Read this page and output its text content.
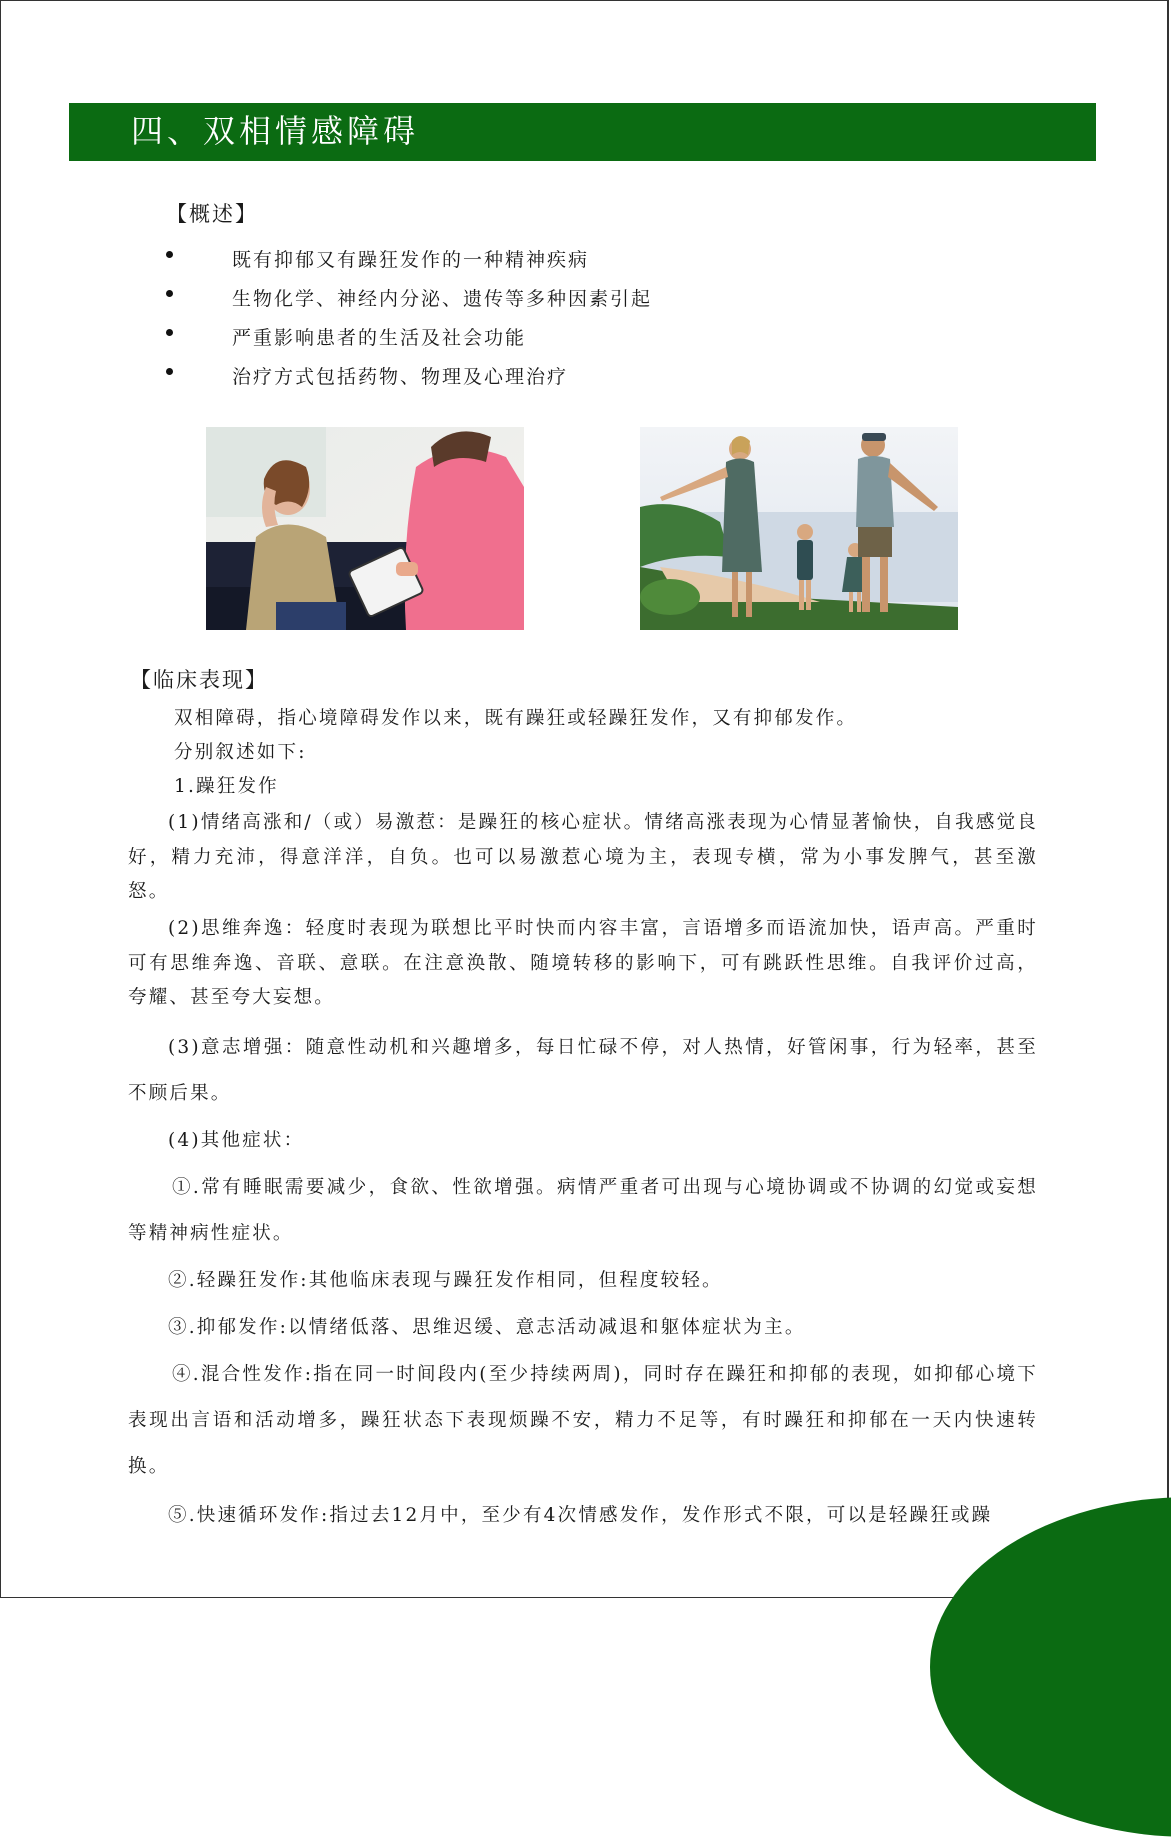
四、双相情感障碍
【概述】
既有抑郁又有躁狂发作的一种精神疾病
生物化学、神经内分泌、遗传等多种因素引起
严重影响患者的生活及社会功能
治疗方式包括药物、物理及心理治疗
【临床表现】
双相障碍，指心境障碍发作以来，既有躁狂或轻躁狂发作，又有抑郁发作。
分别叙述如下:
1.躁狂发作
(1)情绪高涨和/（或）易激惹：是躁狂的核心症状。情绪高涨表现为心情显著愉快，自我感觉良好，精力充沛，得意洋洋，自负。也可以易激惹心境为主，表现专横，常为小事发脾气，甚至激怒。
(2)思维奔逸：轻度时表现为联想比平时快而内容丰富，言语增多而语流加快，语声高。严重时可有思维奔逸、音联、意联。在注意涣散、随境转移的影响下，可有跳跃性思维。自我评价过高，夸耀、甚至夸大妄想。
(3)意志增强：随意性动机和兴趣增多，每日忙碌不停，对人热情，好管闲事，行为轻率，甚至不顾后果。
(4)其他症状：
①.常有睡眠需要减少，食欲、性欲增强。病情严重者可出现与心境协调或不协调的幻觉或妄想等精神病性症状。
②.轻躁狂发作:其他临床表现与躁狂发作相同，但程度较轻。
③.抑郁发作:以情绪低落、思维迟缓、意志活动减退和躯体症状为主。
④.混合性发作:指在同一时间段内(至少持续两周)，同时存在躁狂和抑郁的表现，如抑郁心境下表现出言语和活动增多，躁狂状态下表现烦躁不安，精力不足等，有时躁狂和抑郁在一天内快速转换。
⑤.快速循环发作:指过去12月中，至少有4次情感发作，发作形式不限，可以是轻躁狂或躁
